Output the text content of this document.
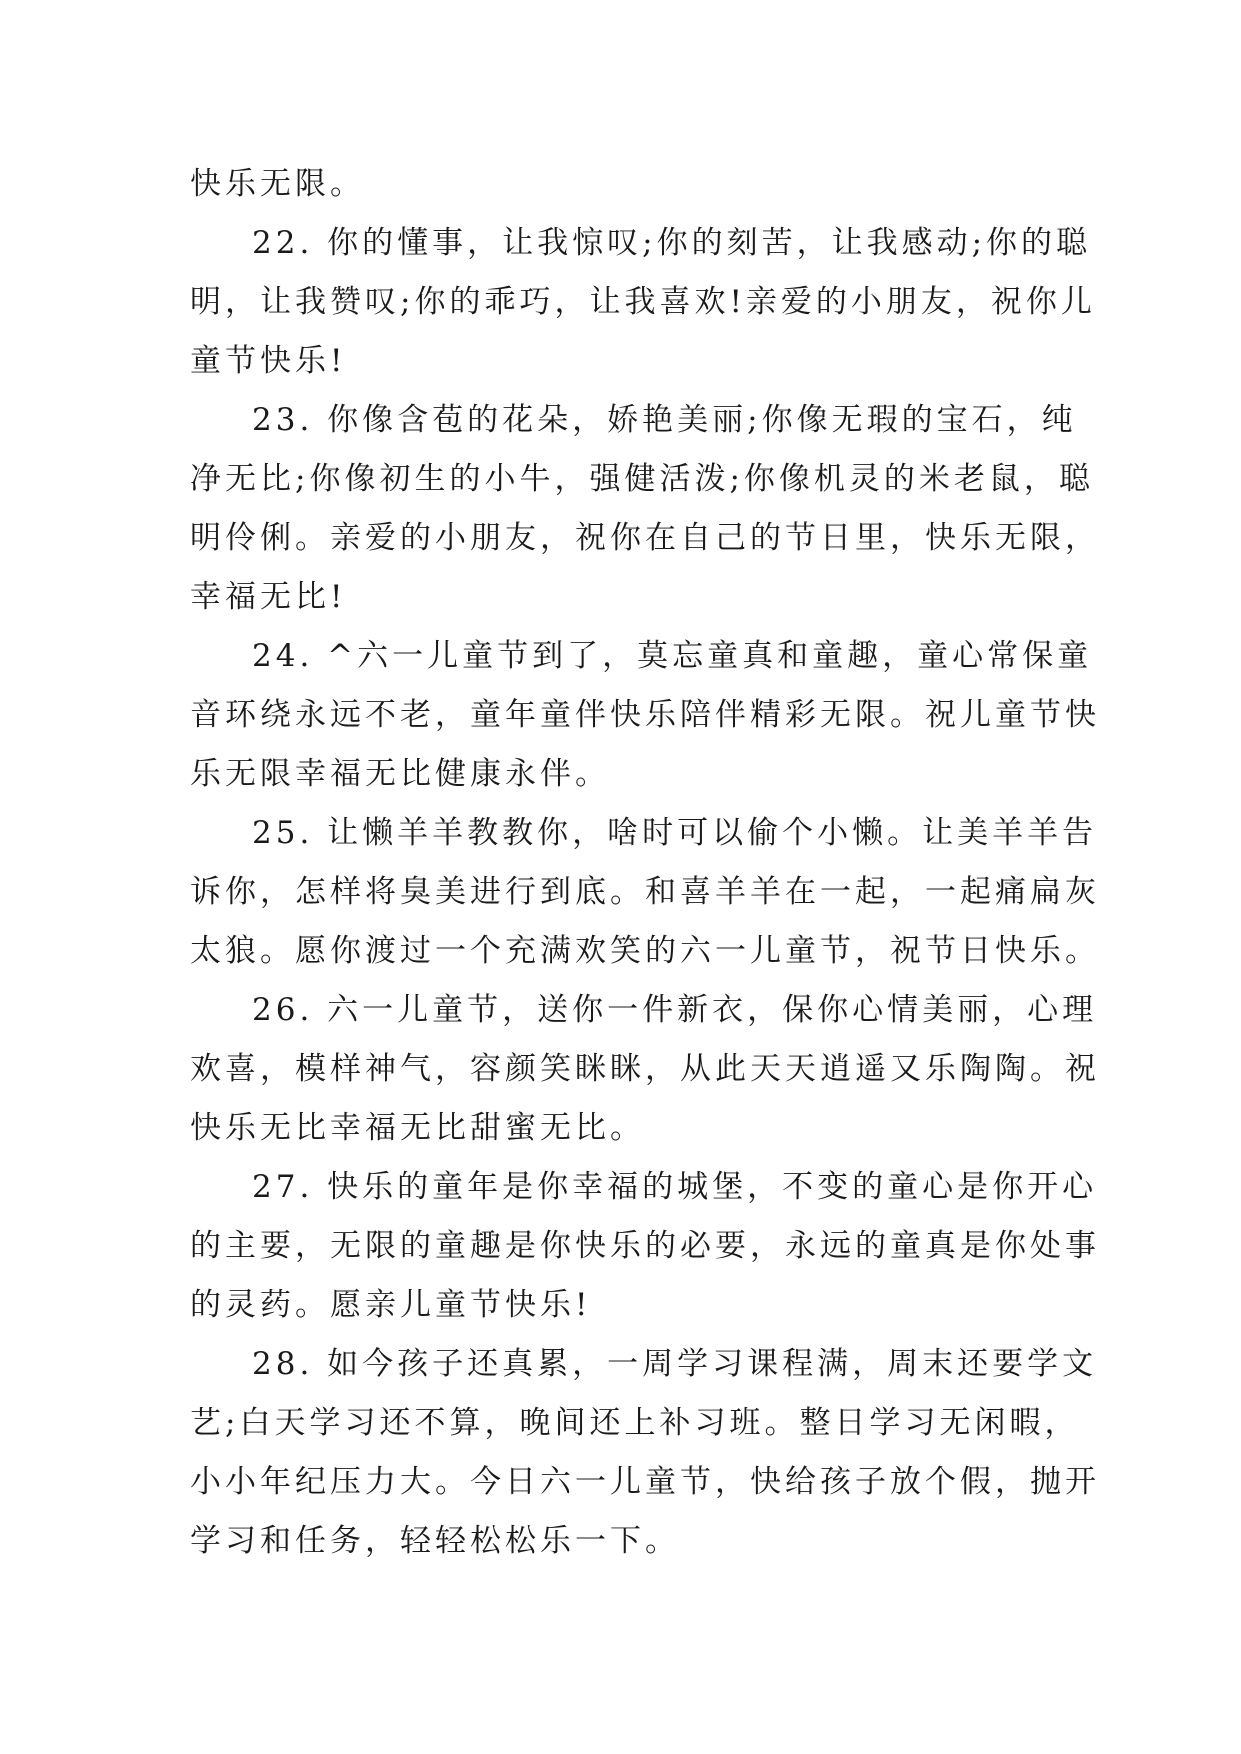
快乐无限。
22. 你的懂事，让我惊叹;你的刻苦，让我感动;你的聪
明，让我赞叹;你的乖巧，让我喜欢!亲爱的小朋友，祝你儿
童节快乐!
23. 你像含苞的花朵，娇艳美丽;你像无瑕的宝石，纯
净无比;你像初生的小牛，强健活泼;你像机灵的米老鼠，聪
明伶俐。亲爱的小朋友，祝你在自己的节日里，快乐无限，
幸福无比!
24. ^六一儿童节到了，莫忘童真和童趣，童心常保童
音环绕永远不老，童年童伴快乐陪伴精彩无限。祝儿童节快
乐无限幸福无比健康永伴。
25. 让懒羊羊教教你，啥时可以偷个小懒。让美羊羊告
诉你，怎样将臭美进行到底。和喜羊羊在一起，一起痛扁灰
太狼。愿你渡过一个充满欢笑的六一儿童节，祝节日快乐。
26. 六一儿童节，送你一件新衣，保你心情美丽，心理
欢喜，模样神气，容颜笑眯眯，从此天天逍遥又乐陶陶。祝
快乐无比幸福无比甜蜜无比。
27. 快乐的童年是你幸福的城堡，不变的童心是你开心
的主要，无限的童趣是你快乐的必要，永远的童真是你处事
的灵药。愿亲儿童节快乐!
28. 如今孩子还真累，一周学习课程满，周末还要学文
艺;白天学习还不算，晚间还上补习班。整日学习无闲暇，
小小年纪压力大。今日六一儿童节，快给孩子放个假，抛开
学习和任务，轻轻松松乐一下。
